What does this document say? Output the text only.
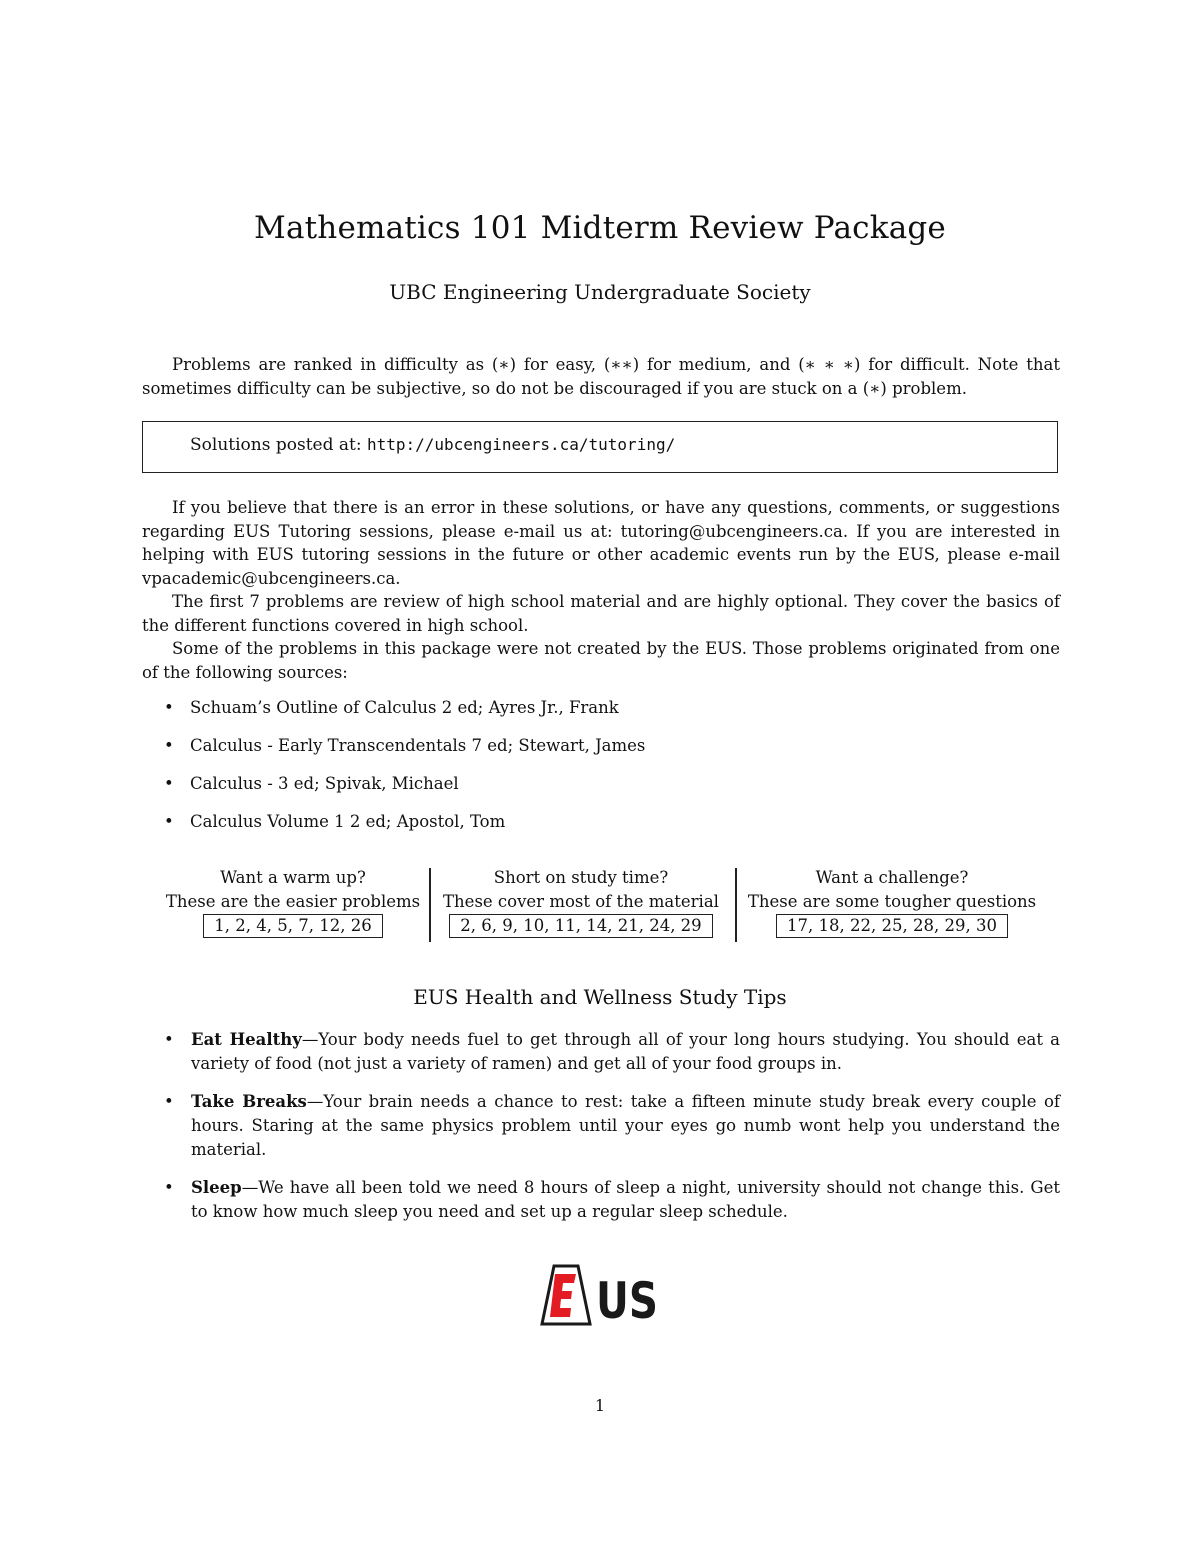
Mathematics 101 Midterm Review Package
UBC Engineering Undergraduate Society

Problems are ranked in difficulty as (∗) for easy, (∗∗) for medium, and (∗ ∗ ∗) for difficult. Note that sometimes difficulty can be subjective, so do not be discouraged if you are stuck on a (∗) problem.

Solutions posted at: http://ubcengineers.ca/tutoring/

If you believe that there is an error in these solutions, or have any questions, comments, or suggestions regarding EUS Tutoring sessions, please e-mail us at: tutoring@ubcengineers.ca. If you are interested in helping with EUS tutoring sessions in the future or other academic events run by the EUS, please e-mail vpacademic@ubcengineers.ca.

The first 7 problems are review of high school material and are highly optional. They cover the basics of the different functions covered in high school.

Some of the problems in this package were not created by the EUS. Those problems originated from one of the following sources:

• Schuam’s Outline of Calculus 2 ed; Ayres Jr., Frank
• Calculus - Early Transcendentals 7 ed; Stewart, James
• Calculus - 3 ed; Spivak, Michael
• Calculus Volume 1 2 ed; Apostol, Tom
Want a warm up?
These are the easier problems
1, 2, 4, 5, 7, 12, 26
Short on study time?
These cover most of the material
2, 6, 9, 10, 11, 14, 21, 24, 29
Want a challenge?
These are some tougher questions
17, 18, 22, 25, 28, 29, 30
EUS Health and Wellness Study Tips
• Eat Healthy—Your body needs fuel to get through all of your long hours studying. You should eat a variety of food (not just a variety of ramen) and get all of your food groups in.
• Take Breaks—Your brain needs a chance to rest: take a fifteen minute study break every couple of hours. Staring at the same physics problem until your eyes go numb wont help you understand the material.
• Sleep—We have all been told we need 8 hours of sleep a night, university should not change this. Get to know how much sleep you need and set up a regular sleep schedule.
US
1
